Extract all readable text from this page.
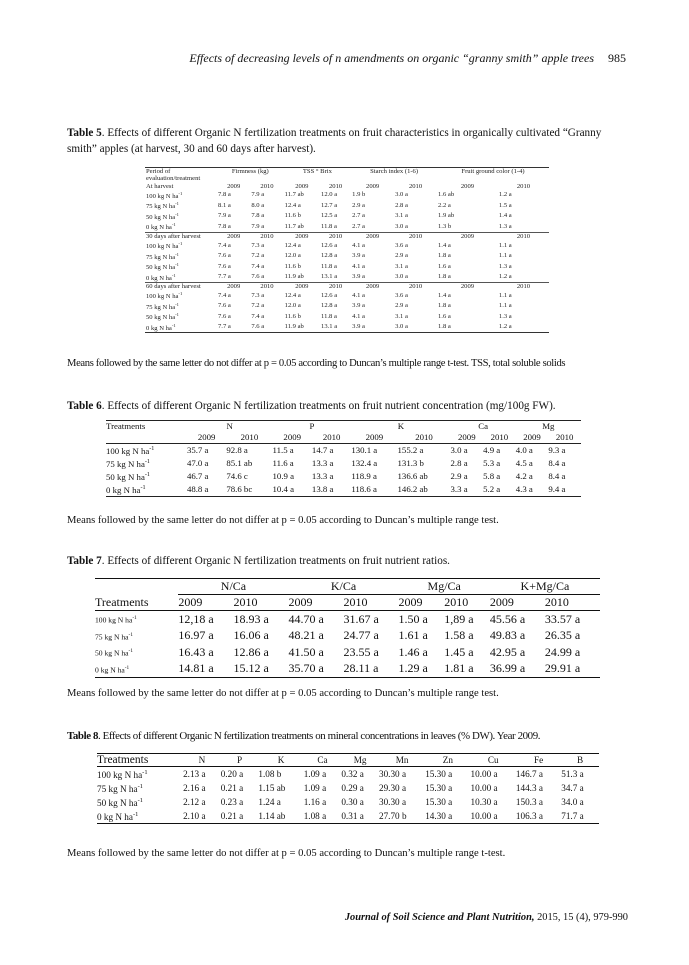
Effects of decreasing levels of n amendments on organic “granny smith” apple trees 985
Table 5. Effects of different Organic N fertilization treatments on fruit characteristics in organically cultivated “Granny smith” apples (at harvest, 30 and 60 days after harvest).
Period of evaluation/treatment	Firmness (kg)		TSS ° Brix		Starch index (1-6)		Fruit ground color (1-4)	
At harvest	2009	2010	2009	2010	2009	2010	2009	2010
100 kg N $ha^{-1}$	7.8 a	7.9 a	11.7 ab	12.0 a	1.9 b	3.0 a	1.6 ab	1.2 a
75 kg N $ha^{-1}$	8.1 a	8.0 a	12.4 a	12.7 a	2.9 a	2.8 a	2.2 a	1.5 a
50 kg N $ha^{-1}$	7.9 a	7.8 a	11.6 b	12.5 a	2.7 a	3.1 a	1.9 ab	1.4 a
0 kg N $ha^{-1}$	7.8 a	7.9 a	11.7 ab	11.8 a	2.7 a	3.0 a	1.3 b	1.3 a
30 days after harvest	2009	2010	2009	2010	2009	2010	2009	2010
100 kg N $ha^{-1}$	7.4 a	7.3 a	12.4 a	12.6 a	4.1 a	3.6 a	1.4 a	1.1 a
75 kg N $ha^{-1}$	7.6 a	7.2 a	12.0 a	12.8 a	3.9 a	2.9 a	1.8 a	1.1 a
50 kg N $ha^{-1}$	7.6 a	7.4 a	11.6 b	11.8 a	4.1 a	3.1 a	1.6 a	1.3 a
0 kg N $ha^{-1}$	7.7 a	7.6 a	11.9 ab	13.1 a	3.9 a	3.0 a	1.8 a	1.2 a
60 days after harvest	2009	2010	2009	2010	2009	2010	2009	2010
100 kg N $ha^{-1}$	7.4 a	7.3 a	12.4 a	12.6 a	4.1 a	3.6 a	1.4 a	1.1 a
75 kg N $ha^{-1}$	7.6 a	7.2 a	12.0 a	12.8 a	3.9 a	2.9 a	1.8 a	1.1 a
50 kg N $ha^{-1}$	7.6 a	7.4 a	11.6 b	11.8 a	4.1 a	3.1 a	1.6 a	1.3 a
0 kg N $ha^{-1}$	7.7 a	7.6 a	11.9 ab	13.1 a	3.9 a	3.0 a	1.8 a	1.2 a
Means followed by the same letter do not differ at p = 0.05 according to Duncan’s multiple range t-test. TSS, total soluble solids
Table 6. Effects of different Organic N fertilization treatments on fruit nutrient concentration (mg/100g FW).
Treatments	N		P		K		Ca		Mg	
	2009	2010	2009	2010	2009	2010	2009	2010	2009	2010
100 kg N $ha^{-1}$	35.7 a	92.8 a	11.5 a	14.7 a	130.1 a	155.2 a	3.0 a	4.9 a	4.0 a	9.3 a
75 kg N $ha^{-1}$	47.0 a	85.1 ab	11.6 a	13.3 a	132.4 a	131.3 b	2.8 a	5.3 a	4.5 a	8.4 a
50 kg N $ha^{-1}$	46.7 a	74.6 c	10.9 a	13.3 a	118.9 a	136.6 ab	2.9 a	5.8 a	4.2 a	8.4 a
0 kg N $ha^{-1}$	48.8 a	78.6 bc	10.4 a	13.8 a	118.6 a	146.2 ab	3.3 a	5.2 a	4.3 a	9.4 a
Means followed by the same letter do not differ at p = 0.05 according to Duncan’s multiple range test.
Table 7. Effects of different Organic N fertilization treatments on fruit nutrient ratios.
	N/Ca		K/Ca		Mg/Ca		K+Mg/Ca	
Treatments	2009	2010	2009	2010	2009	2010	2009	2010
100 kg N $ha^{-1}$	12,18 a	18.93 a	44.70 a	31.67 a	1.50 a	1,89 a	45.56 a	33.57 a
75 kg N $ha^{-1}$	16.97 a	16.06 a	48.21 a	24.77 a	1.61 a	1.58 a	49.83 a	26.35 a
50 kg N $ha^{-1}$	16.43 a	12.86 a	41.50 a	23.55 a	1.46 a	1.45 a	42.95 a	24.99 a
0 kg N $ha^{-1}$	14.81 a	15.12 a	35.70 a	28.11 a	1.29 a	1.81 a	36.99 a	29.91 a
Means followed by the same letter do not differ at p = 0.05 according to Duncan’s multiple range test.
Table 8. Effects of different Organic N fertilization treatments on mineral concentrations in leaves (% DW). Year 2009.
Treatments	N	P	K	Ca	Mg	Mn	Zn	Cu	Fe	B
100 kg N $ha^{-1}$	2.13 a	0.20 a	1.08 b	1.09 a	0.32 a	30.30 a	15.30 a	10.00 a	146.7 a	51.3 a
75 kg N $ha^{-1}$	2.16 a	0.21 a	1.15 ab	1.09 a	0.29 a	29.30 a	15.30 a	10.00 a	144.3 a	34.7 a
50 kg N $ha^{-1}$	2.12 a	0.23 a	1.24 a	1.16 a	0.30 a	30.30 a	15.30 a	10.30 a	150.3 a	34.0 a
0 kg N $ha^{-1}$	2.10 a	0.21 a	1.14 ab	1.08 a	0.31 a	27.70 b	14.30 a	10.00 a	106.3 a	71.7 a
Means followed by the same letter do not differ at p = 0.05 according to Duncan’s multiple range t-test.
Journal of Soil Science and Plant Nutrition, 2015, 15 (4), 979-990
